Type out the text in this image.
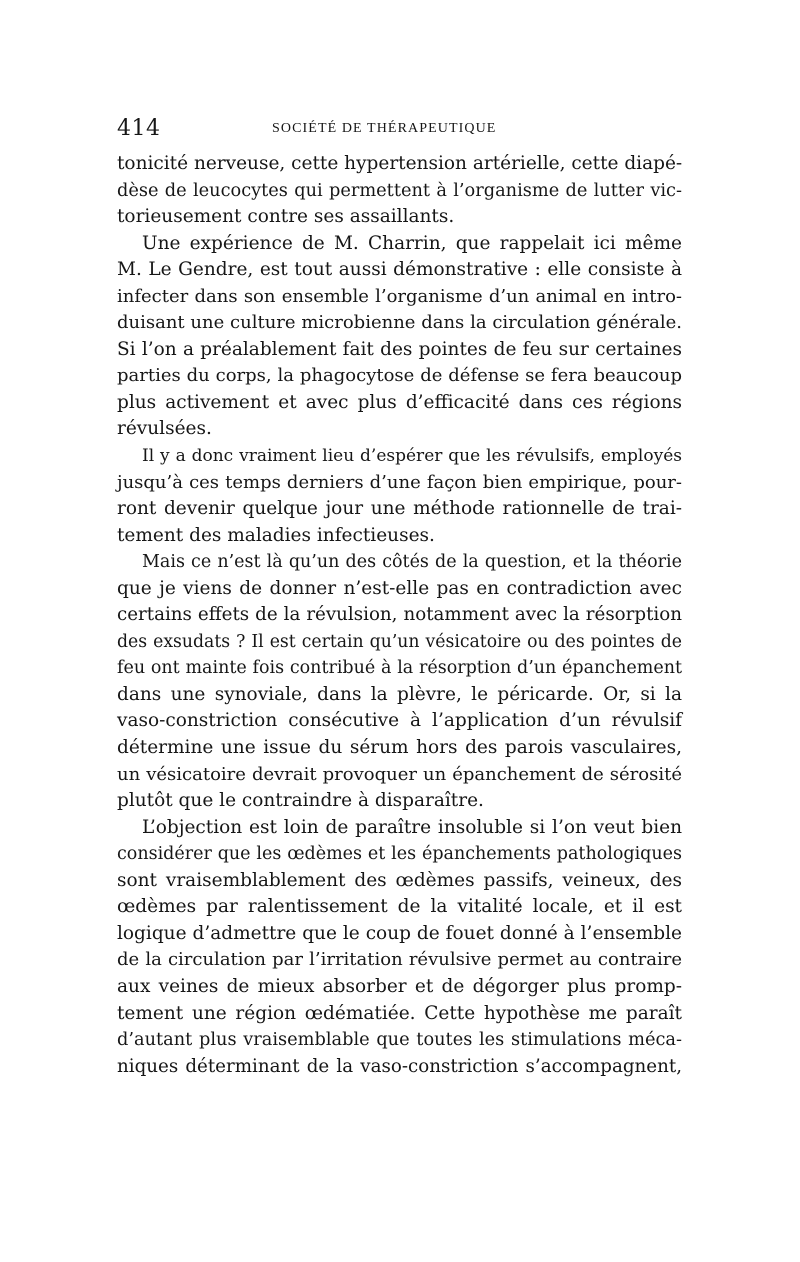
414	SOCIÉTÉ DE THÉRAPEUTIQUE
tonicité nerveuse, cette hypertension artérielle, cette diapé-
dèse de leucocytes qui permettent à l’organisme de lutter vic-
torieusement contre ses assaillants.
Une expérience de M. Charrin, que rappelait ici même
M. Le Gendre, est tout aussi démonstrative : elle consiste à
infecter dans son ensemble l’organisme d’un animal en intro-
duisant une culture microbienne dans la circulation générale.
Si l’on a préalablement fait des pointes de feu sur certaines
parties du corps, la phagocytose de défense se fera beaucoup
plus activement et avec plus d’efficacité dans ces régions
révulsées.
Il y a donc vraiment lieu d’espérer que les révulsifs, employés
jusqu’à ces temps derniers d’une façon bien empirique, pour-
ront devenir quelque jour une méthode rationnelle de trai-
tement des maladies infectieuses.
Mais ce n’est là qu’un des côtés de la question, et la théorie
que je viens de donner n’est-elle pas en contradiction avec
certains effets de la révulsion, notamment avec la résorption
des exsudats ? Il est certain qu’un vésicatoire ou des pointes de
feu ont mainte fois contribué à la résorption d’un épanchement
dans une synoviale, dans la plèvre, le péricarde. Or, si la
vaso-constriction consécutive à l’application d’un révulsif
détermine une issue du sérum hors des parois vasculaires,
un vésicatoire devrait provoquer un épanchement de sérosité
plutôt que le contraindre à disparaître.
L’objection est loin de paraître insoluble si l’on veut bien
considérer que les œdèmes et les épanchements pathologiques
sont vraisemblablement des œdèmes passifs, veineux, des
œdèmes par ralentissement de la vitalité locale, et il est
logique d’admettre que le coup de fouet donné à l’ensemble
de la circulation par l’irritation révulsive permet au contraire
aux veines de mieux absorber et de dégorger plus promp-
tement une région œdématiée. Cette hypothèse me paraît
d’autant plus vraisemblable que toutes les stimulations méca-
niques déterminant de la vaso-constriction s’accompagnent,
